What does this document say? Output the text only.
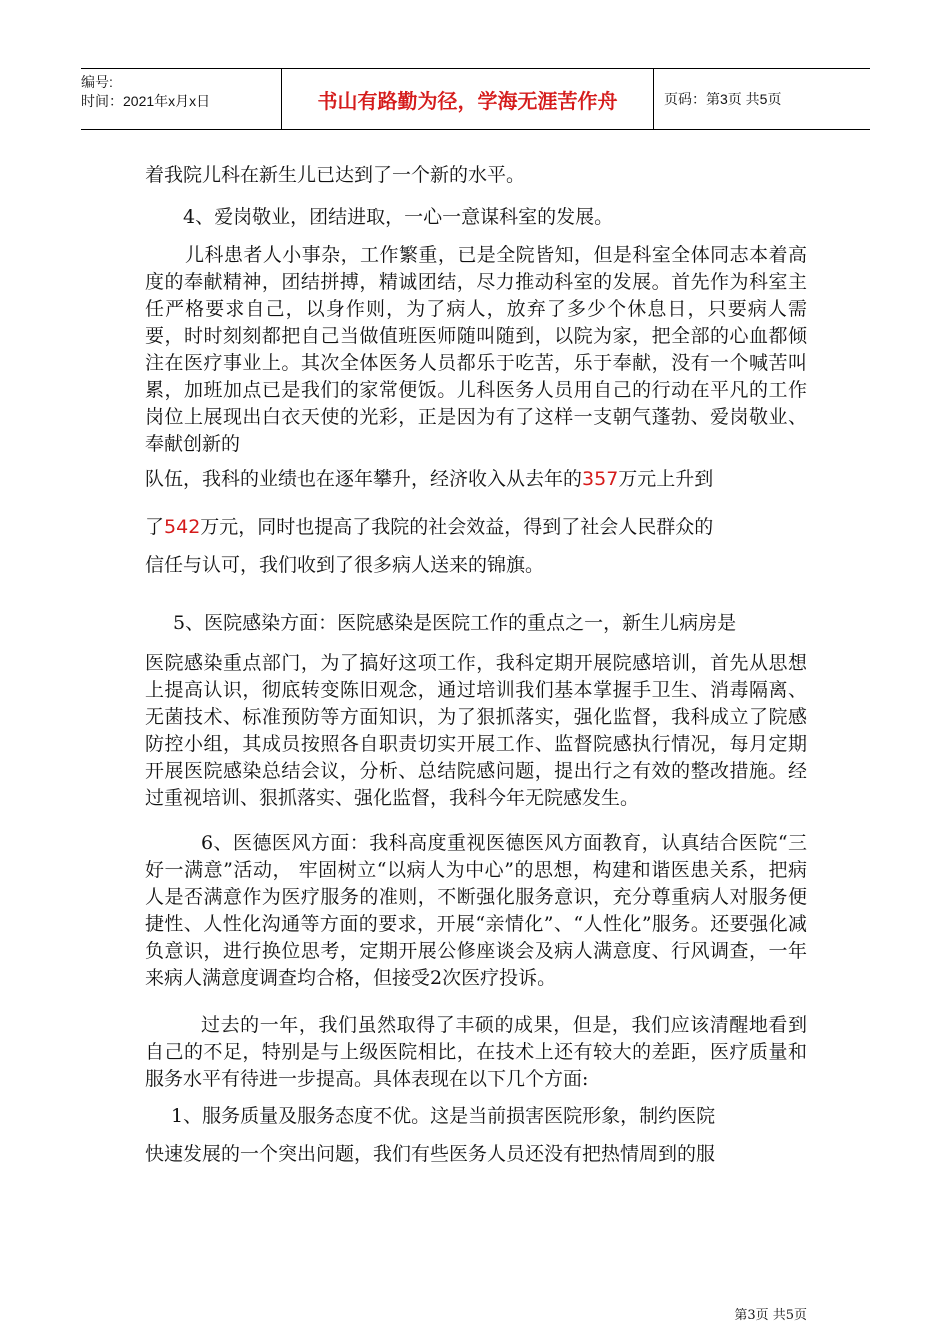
编号:
时间：2021年x月x日	书山有路勤为径，学海无涯苦作舟	页码：第3页 共5页

着我院儿科在新生儿已达到了一个新的水平。

4、爱岗敬业，团结进取，一心一意谋科室的发展。

儿科患者人小事杂，工作繁重，已是全院皆知，但是科室全体同志本着高度的奉献精神，团结拼搏，精诚团结，尽力推动科室的发展。首先作为科室主任严格要求自己，以身作则，为了病人，放弃了多少个休息日，只要病人需要，时时刻刻都把自己当做值班医师随叫随到，以院为家，把全部的心血都倾注在医疗事业上。其次全体医务人员都乐于吃苦，乐于奉献，没有一个喊苦叫累，加班加点已是我们的家常便饭。儿科医务人员用自己的行动在平凡的工作岗位上展现出白衣天使的光彩，正是因为有了这样一支朝气蓬勃、爱岗敬业、奉献创新的

队伍，我科的业绩也在逐年攀升，经济收入从去年的357万元上升到

了542万元，同时也提高了我院的社会效益，得到了社会人民群众的

信任与认可，我们收到了很多病人送来的锦旗。

5、医院感染方面：医院感染是医院工作的重点之一，新生儿病房是

医院感染重点部门，为了搞好这项工作，我科定期开展院感培训，首先从思想上提高认识，彻底转变陈旧观念，通过培训我们基本掌握手卫生、消毒隔离、无菌技术、标准预防等方面知识，为了狠抓落实，强化监督，我科成立了院感防控小组，其成员按照各自职责切实开展工作、监督院感执行情况，每月定期开展医院感染总结会议，分析、总结院感问题，提出行之有效的整改措施。经过重视培训、狠抓落实、强化监督，我科今年无院感发生。

6、医德医风方面：我科高度重视医德医风方面教育，认真结合医院“三好一满意”活动， 牢固树立“以病人为中心”的思想，构建和谐医患关系，把病人是否满意作为医疗服务的准则，不断强化服务意识，充分尊重病人对服务便捷性、人性化沟通等方面的要求，开展“亲情化”、“人性化”服务。还要强化减负意识，进行换位思考，定期开展公修座谈会及病人满意度、行风调查，一年来病人满意度调查均合格，但接受2次医疗投诉。

过去的一年，我们虽然取得了丰硕的成果，但是，我们应该清醒地看到自己的不足，特别是与上级医院相比，在技术上还有较大的差距，医疗质量和服务水平有待进一步提高。具体表现在以下几个方面:

1、服务质量及服务态度不优。这是当前损害医院形象，制约医院

快速发展的一个突出问题，我们有些医务人员还没有把热情周到的服

第3页 共5页
